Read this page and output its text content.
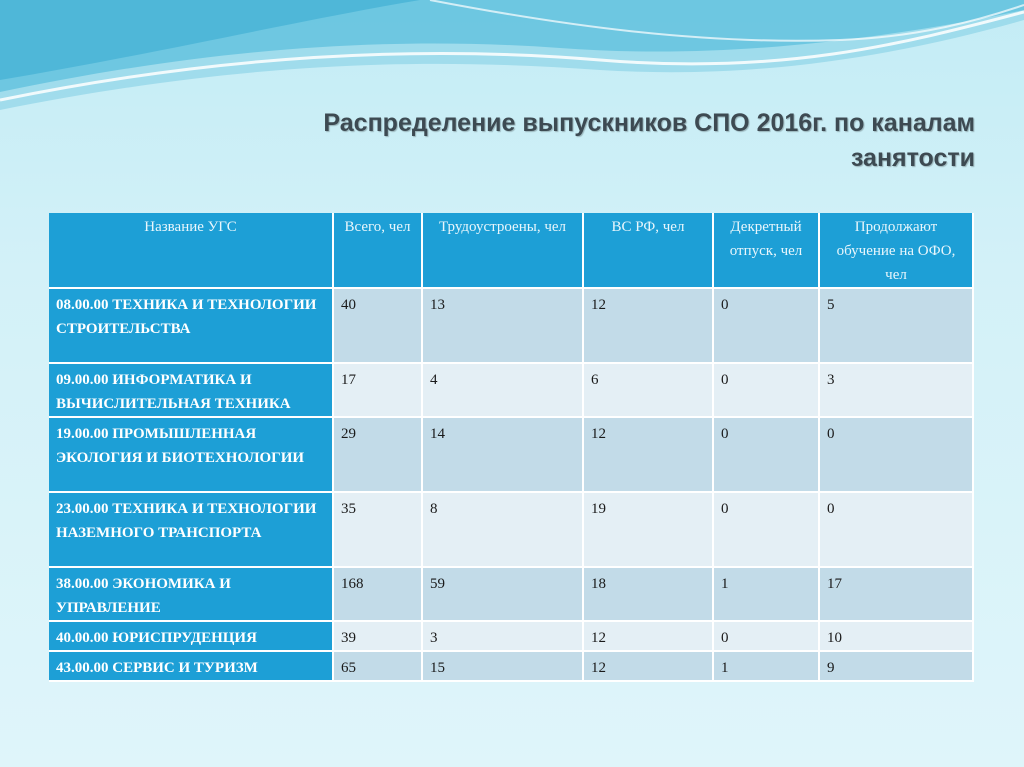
Распределение выпускников СПО 2016г. по каналам
занятости
Название УГС	Всего, чел	Трудоустроены, чел	ВС РФ, чел	Декретный отпуск, чел	Продолжают обучение на ОФО, чел
08.00.00 ТЕХНИКА И ТЕХНОЛОГИИ СТРОИТЕЛЬСТВА	40	13	12	0	5
09.00.00 ИНФОРМАТИКА И ВЫЧИСЛИТЕЛЬНАЯ ТЕХНИКА	17	4	6	0	3
19.00.00 ПРОМЫШЛЕННАЯ ЭКОЛОГИЯ И БИОТЕХНОЛОГИИ	29	14	12	0	0
23.00.00 ТЕХНИКА И ТЕХНОЛОГИИ НАЗЕМНОГО ТРАНСПОРТА	35	8	19	0	0
38.00.00 ЭКОНОМИКА И УПРАВЛЕНИЕ	168	59	18	1	17
40.00.00 ЮРИСПРУДЕНЦИЯ	39	3	12	0	10
43.00.00 СЕРВИС И ТУРИЗМ	65	15	12	1	9
